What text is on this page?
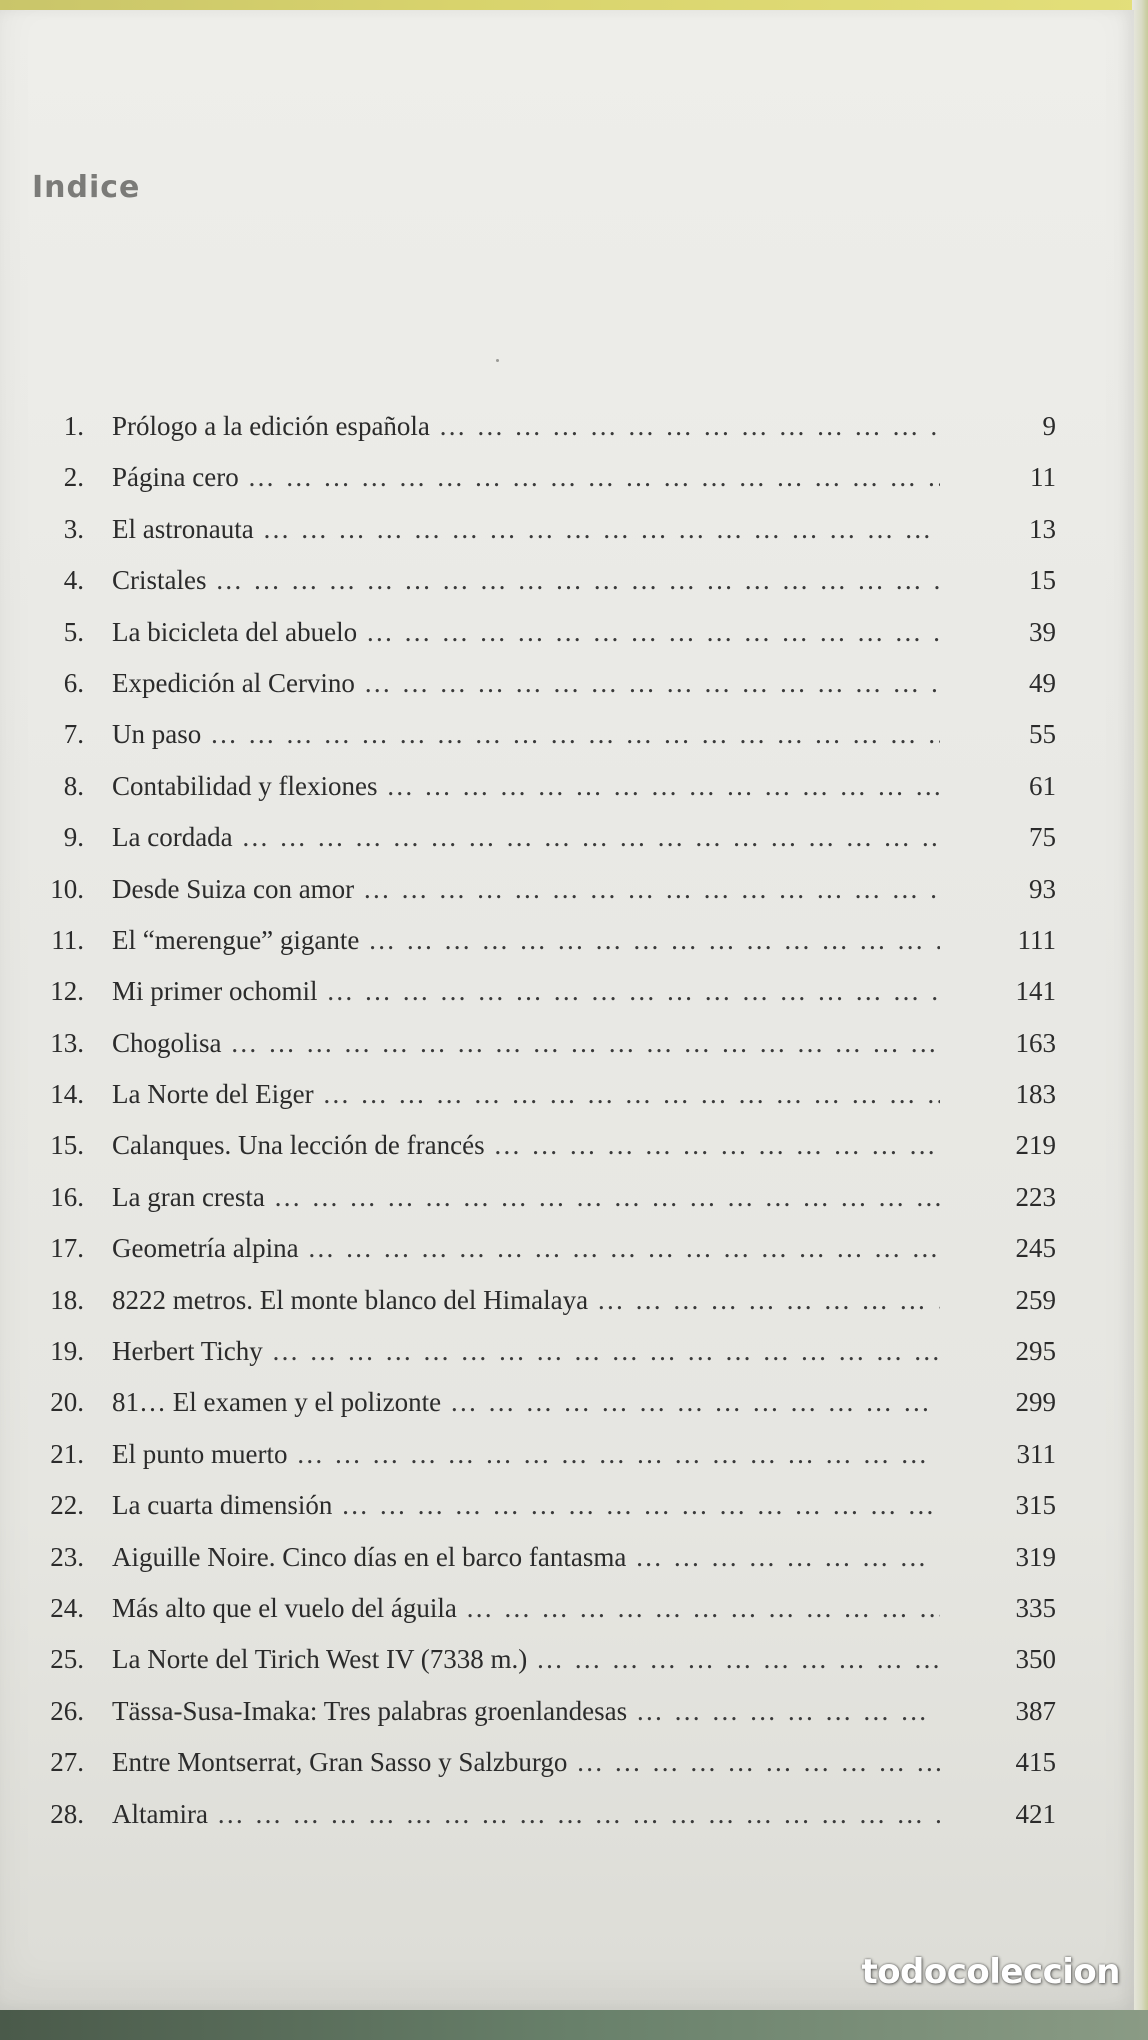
Indice
1. Prólogo a la edición española … … … … … … … … … … … … … … … … … … … … … … … … … … … … … … … … … …	9
2. Página cero … … … … … … … … … … … … … … … … … … … … … … … … … … … … … … … … … …	11
3. El astronauta … … … … … … … … … … … … … … … … … … … … … … … … … … … … … … … … … …	13
4. Cristales … … … … … … … … … … … … … … … … … … … … … … … … … … … … … … … … … …	15
5. La bicicleta del abuelo … … … … … … … … … … … … … … … … … … … … … … … … … … … … … … … … … …	39
6. Expedición al Cervino … … … … … … … … … … … … … … … … … … … … … … … … … … … … … … … … … …	49
7. Un paso … … … … … … … … … … … … … … … … … … … … … … … … … … … … … … … … … …	55
8. Contabilidad y flexiones … … … … … … … … … … … … … … … … … … … … … … … … … … … … … … … … … …	61
9. La cordada … … … … … … … … … … … … … … … … … … … … … … … … … … … … … … … … … …	75
10. Desde Suiza con amor … … … … … … … … … … … … … … … … … … … … … … … … … … … … … … … … … …	93
11. El “merengue” gigante … … … … … … … … … … … … … … … … … … … … … … … … … … … … … … … … … …	111
12. Mi primer ochomil … … … … … … … … … … … … … … … … … … … … … … … … … … … … … … … … … …	141
13. Chogolisa … … … … … … … … … … … … … … … … … … … … … … … … … … … … … … … … … …	163
14. La Norte del Eiger … … … … … … … … … … … … … … … … … … … … … … … … … … … … … … … … … …	183
15. Calanques. Una lección de francés … … … … … … … … … … … … … … … … … … … … … … … … … … … … … … … … … …	219
16. La gran cresta … … … … … … … … … … … … … … … … … … … … … … … … … … … … … … … … … …	223
17. Geometría alpina … … … … … … … … … … … … … … … … … … … … … … … … … … … … … … … … … …	245
18. 8222 metros. El monte blanco del Himalaya … … … … … … … … … … … … … … … … … … … … … … … … … … … … … … … … … …	259
19. Herbert Tichy … … … … … … … … … … … … … … … … … … … … … … … … … … … … … … … … … …	295
20. 81… El examen y el polizonte … … … … … … … … … … … … … … … … … … … … … … … … … … … … … … … … … …	299
21. El punto muerto … … … … … … … … … … … … … … … … … … … … … … … … … … … … … … … … … …	311
22. La cuarta dimensión … … … … … … … … … … … … … … … … … … … … … … … … … … … … … … … … … …	315
23. Aiguille Noire. Cinco días en el barco fantasma … … … … … … … … … … … … … … … … … … … … … … … … … … … … … … … … … …	319
24. Más alto que el vuelo del águila … … … … … … … … … … … … … … … … … … … … … … … … … … … … … … … … … …	335
25. La Norte del Tirich West IV (7338 m.) … … … … … … … … … … … … … … … … … … … … … … … … … … … … … … … … … …	350
26. Tässa-Susa-Imaka: Tres palabras groenlandesas … … … … … … … … … … … … … … … … … … … … … … … … … … … … … … … … … …	387
27. Entre Montserrat, Gran Sasso y Salzburgo … … … … … … … … … … … … … … … … … … … … … … … … … … … … … … … … … …	415
28. Altamira … … … … … … … … … … … … … … … … … … … … … … … … … … … … … … … … … …	421
todocoleccion
